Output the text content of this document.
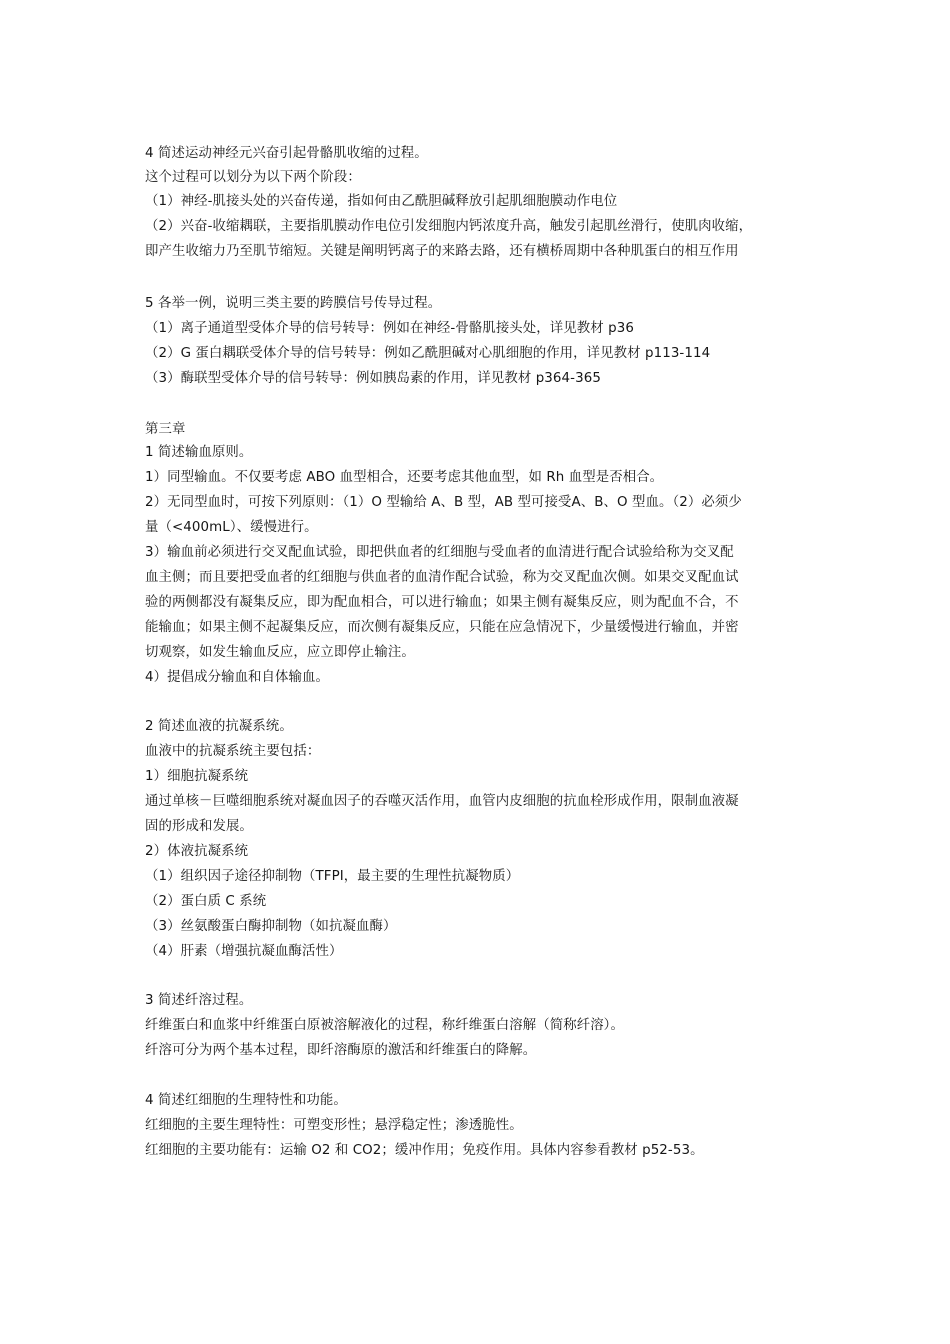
4 简述运动神经元兴奋引起骨骼肌收缩的过程。
这个过程可以划分为以下两个阶段：
（1）神经-肌接头处的兴奋传递，指如何由乙酰胆碱释放引起肌细胞膜动作电位
（2）兴奋-收缩耦联，主要指肌膜动作电位引发细胞内钙浓度升高，触发引起肌丝滑行，使肌肉收缩，
即产生收缩力乃至肌节缩短。关键是阐明钙离子的来路去路，还有横桥周期中各种肌蛋白的相互作用
5 各举一例，说明三类主要的跨膜信号传导过程。
（1）离子通道型受体介导的信号转导：例如在神经-骨骼肌接头处，详见教材 p36
（2）G 蛋白耦联受体介导的信号转导：例如乙酰胆碱对心肌细胞的作用，详见教材 p113-114
（3）酶联型受体介导的信号转导：例如胰岛素的作用，详见教材 p364-365
第三章
1 简述输血原则。
1）同型输血。不仅要考虑 ABO 血型相合，还要考虑其他血型，如 Rh 血型是否相合。
2）无同型血时，可按下列原则：（1）O 型输给 A、B 型，AB 型可接受A、B、O 型血。（2）必须少
量（<400mL）、缓慢进行。
3）输血前必须进行交叉配血试验，即把供血者的红细胞与受血者的血清进行配合试验给称为交叉配
血主侧；而且要把受血者的红细胞与供血者的血清作配合试验，称为交叉配血次侧。如果交叉配血试
验的两侧都没有凝集反应，即为配血相合，可以进行输血；如果主侧有凝集反应，则为配血不合，不
能输血；如果主侧不起凝集反应，而次侧有凝集反应，只能在应急情况下，少量缓慢进行输血，并密
切观察，如发生输血反应，应立即停止输注。
4）提倡成分输血和自体输血。
2 简述血液的抗凝系统。
血液中的抗凝系统主要包括：
1）细胞抗凝系统
通过单核－巨噬细胞系统对凝血因子的吞噬灭活作用，血管内皮细胞的抗血栓形成作用，限制血液凝
固的形成和发展。
2）体液抗凝系统
（1）组织因子途径抑制物（TFPI，最主要的生理性抗凝物质）
（2）蛋白质 C 系统
（3）丝氨酸蛋白酶抑制物（如抗凝血酶）
（4）肝素（增强抗凝血酶活性）
3 简述纤溶过程。
纤维蛋白和血浆中纤维蛋白原被溶解液化的过程，称纤维蛋白溶解（简称纤溶）。
纤溶可分为两个基本过程，即纤溶酶原的激活和纤维蛋白的降解。
4 简述红细胞的生理特性和功能。
红细胞的主要生理特性：可塑变形性；悬浮稳定性；渗透脆性。
红细胞的主要功能有：运输 O2 和 CO2；缓冲作用；免疫作用。具体内容参看教材 p52-53。
